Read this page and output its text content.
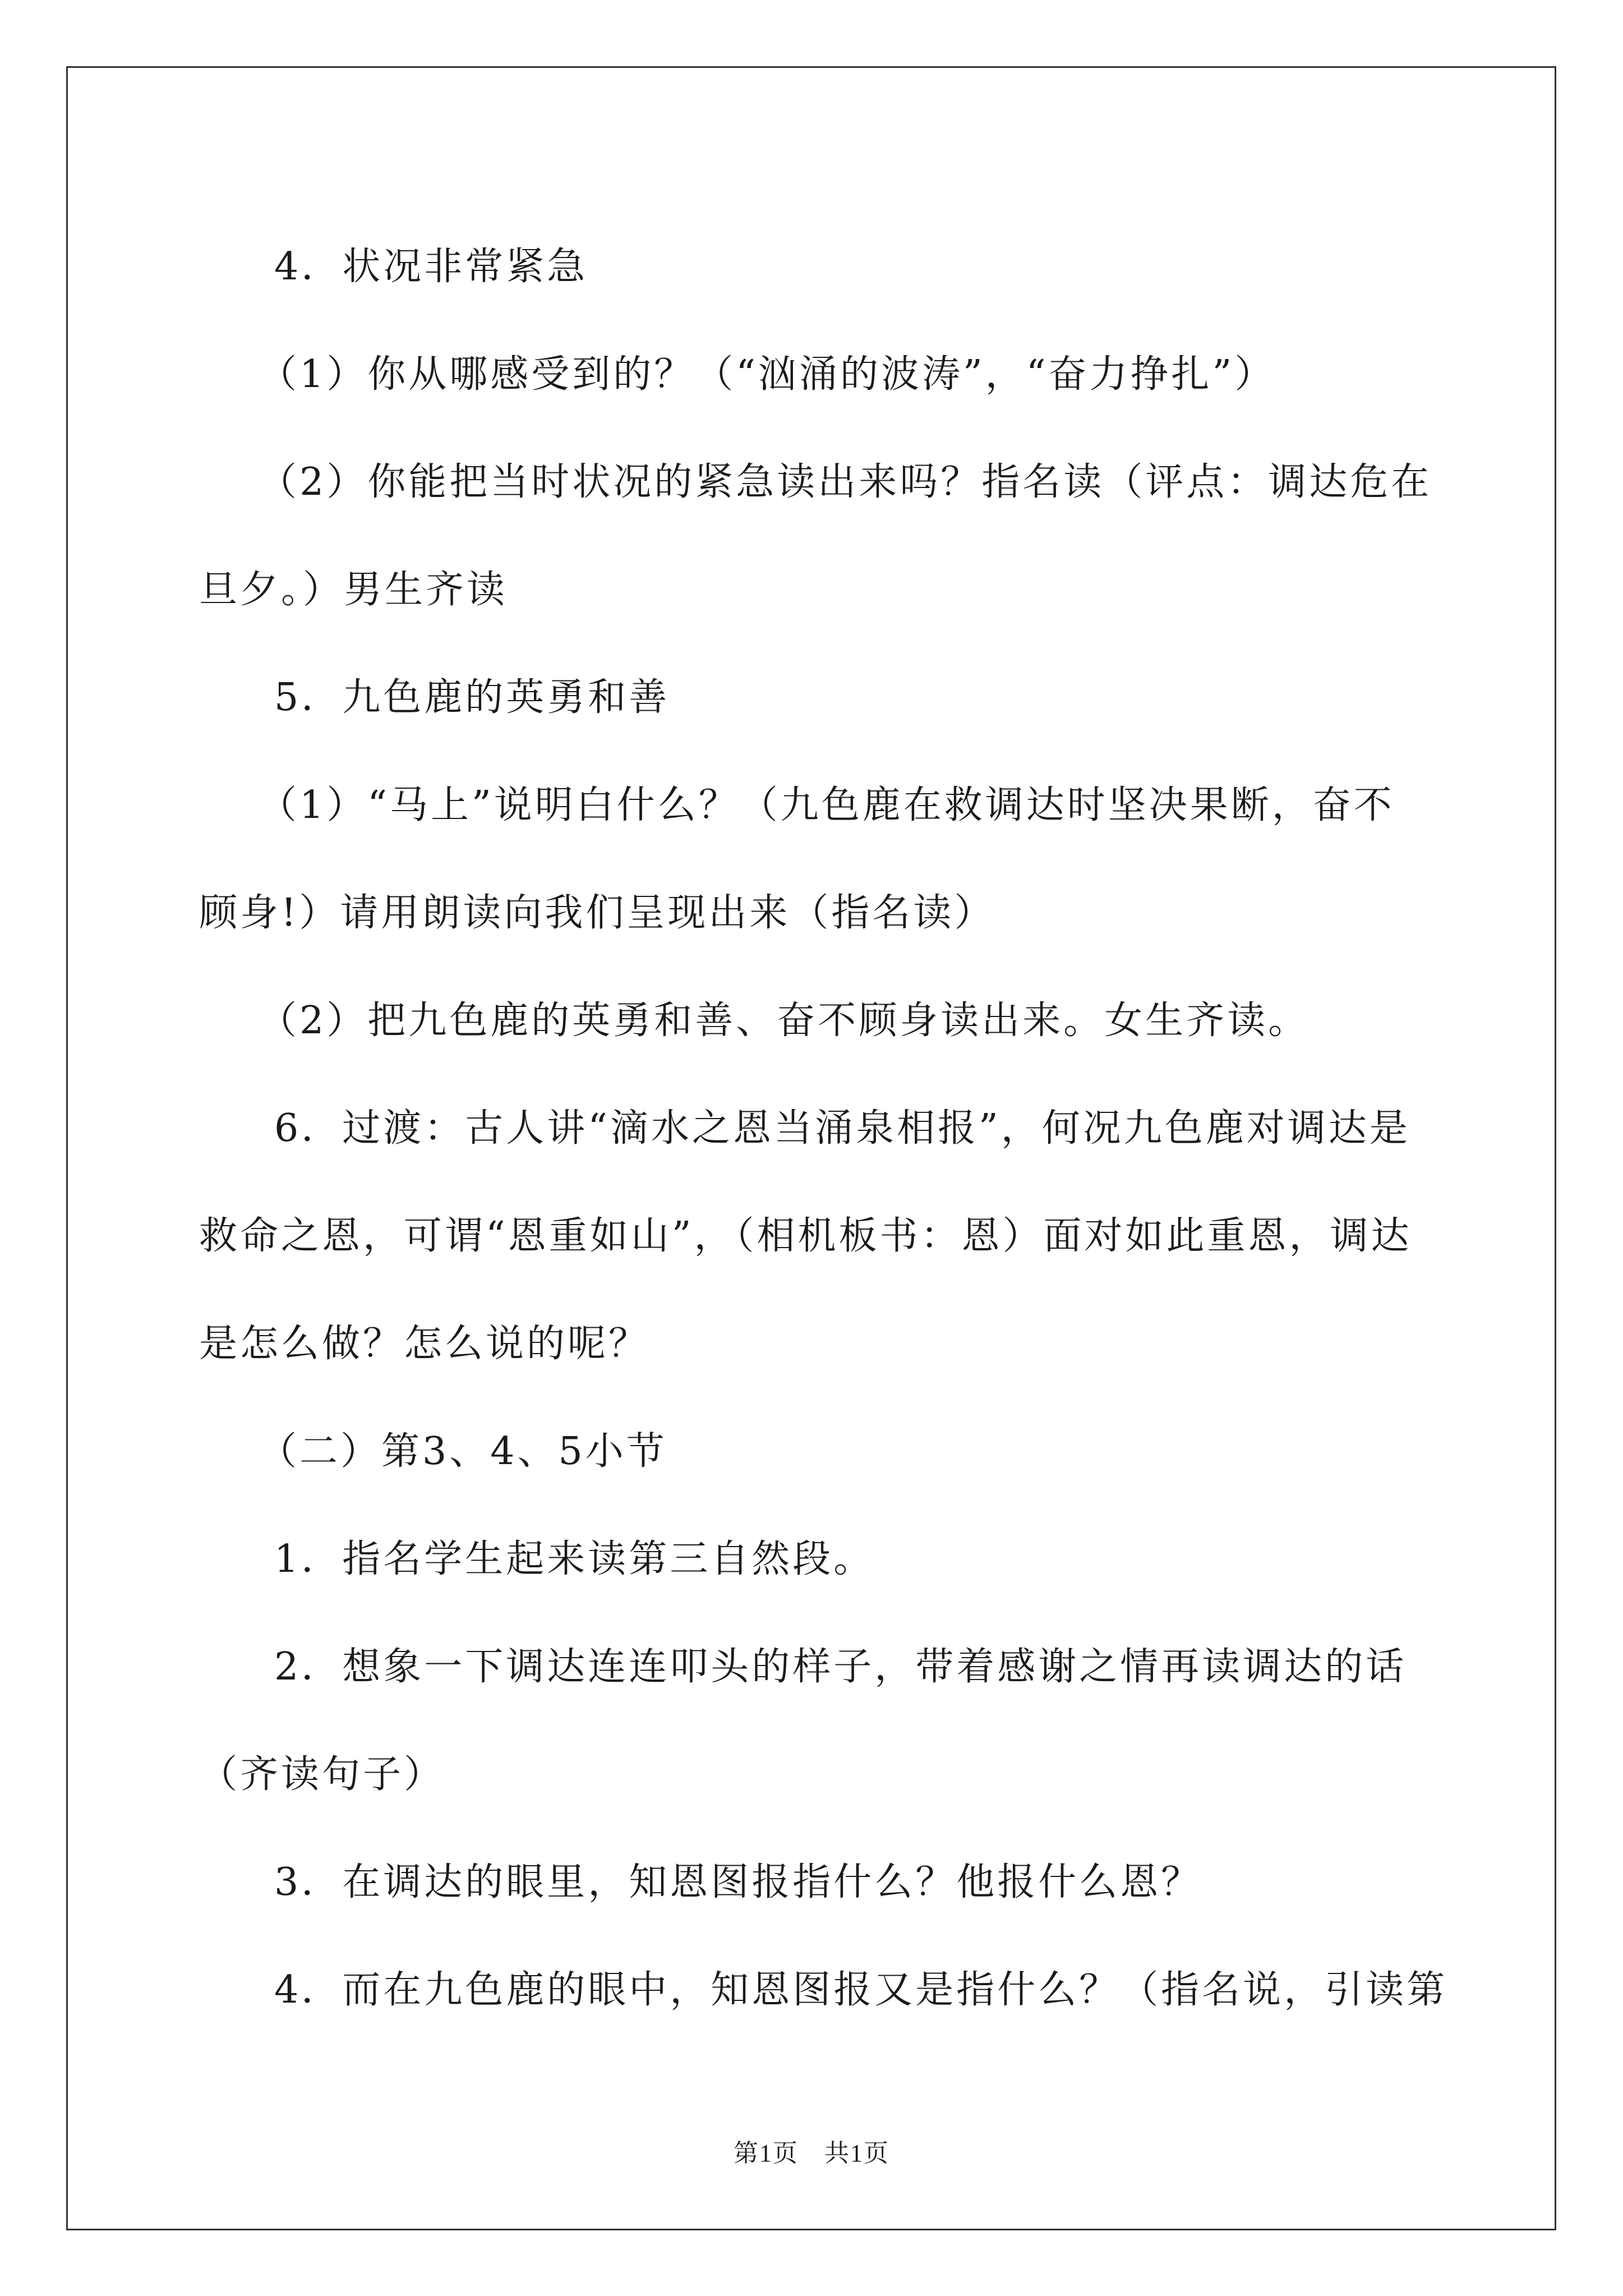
4．状况非常紧急

（1）你从哪感受到的？（“汹涌的波涛”，“奋力挣扎”）

（2）你能把当时状况的紧急读出来吗？指名读（评点：调达危在

旦夕。）男生齐读

5．九色鹿的英勇和善

（1）“马上”说明白什么？（九色鹿在救调达时坚决果断，奋不

顾身!）请用朗读向我们呈现出来（指名读）

（2）把九色鹿的英勇和善、奋不顾身读出来。女生齐读。

6．过渡：古人讲“滴水之恩当涌泉相报”，何况九色鹿对调达是

救命之恩，可谓“恩重如山”，（相机板书：恩）面对如此重恩，调达

是怎么做？怎么说的呢？

（二）第3、4、5小节

1．指名学生起来读第三自然段。

2．想象一下调达连连叩头的样子，带着感谢之情再读调达的话

（齐读句子）

3．在调达的眼里，知恩图报指什么？他报什么恩？

4．而在九色鹿的眼中，知恩图报又是指什么？（指名说，引读第

第1页　共1页
